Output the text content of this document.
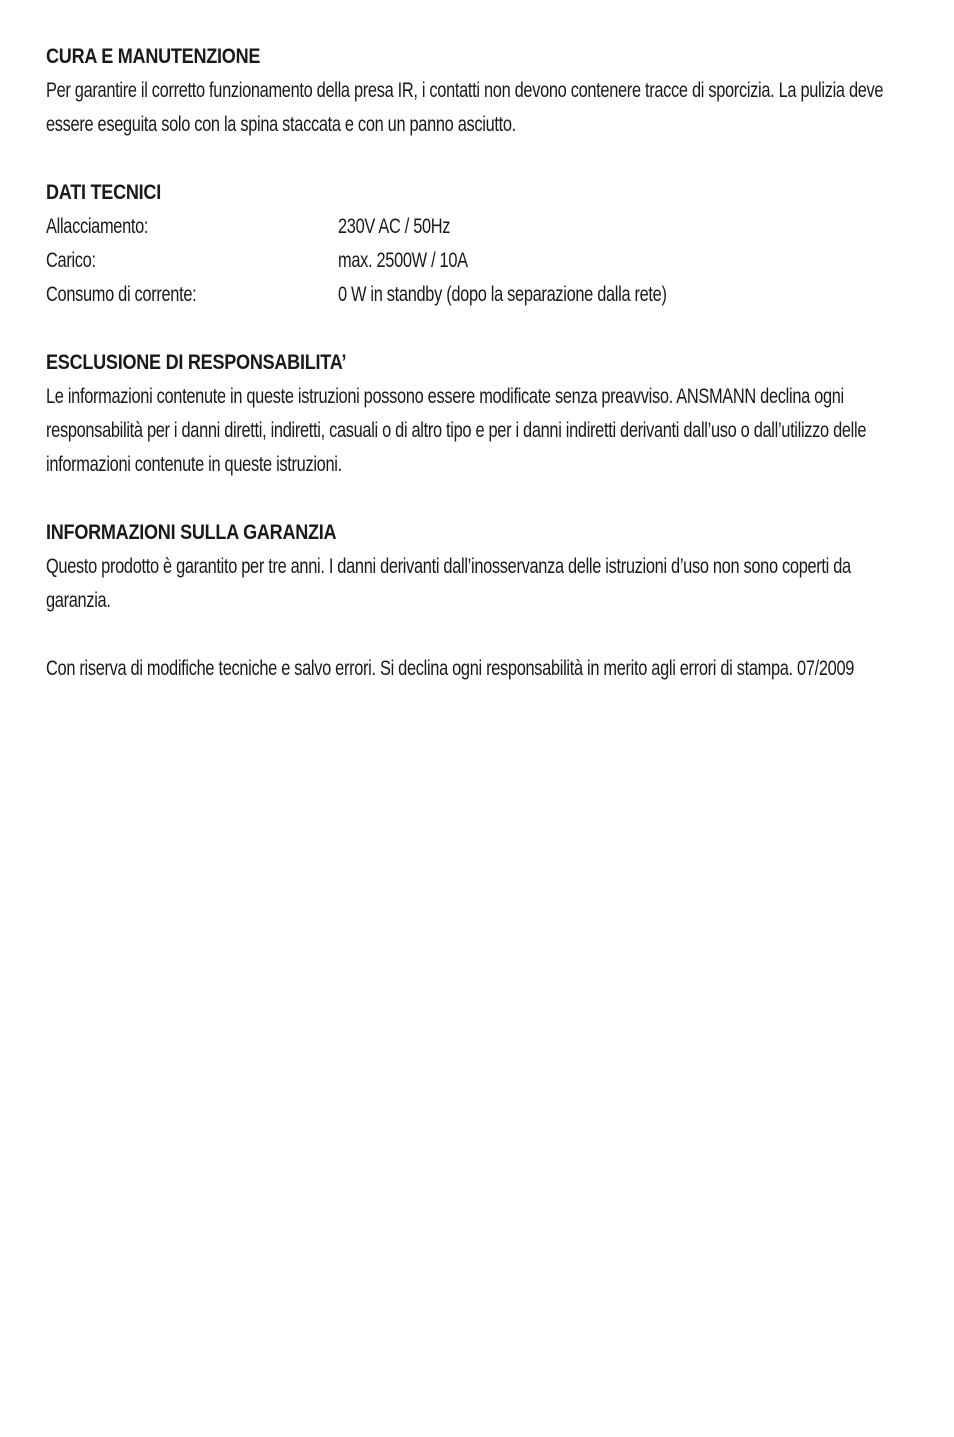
CURA E MANUTENZIONE

Per garantire il corretto funzionamento della presa IR, i contatti non devono contenere tracce di sporcizia. La pulizia deve essere eseguita solo con la spina staccata e con un panno asciutto.

DATI TECNICI
Allacciamento:	230V AC / 50Hz
Carico:	max. 2500W / 10A
Consumo di corrente:	0 W in standby (dopo la separazione dalla rete)
ESCLUSIONE DI RESPONSABILITA’

Le informazioni contenute in queste istruzioni possono essere modificate senza preavviso. ANSMANN declina ogni responsabilità per i danni diretti, indiretti, casuali o di altro tipo e per i danni indiretti derivanti dall’uso o dall’utilizzo delle informazioni contenute in queste istruzioni.

INFORMAZIONI SULLA GARANZIA

Questo prodotto è garantito per tre anni. I danni derivanti dall’inosservanza delle istruzioni d’uso non sono coperti da garanzia.

Con riserva di modifiche tecniche e salvo errori. Si declina ogni responsabilità in merito agli errori di stampa. 07/2009
